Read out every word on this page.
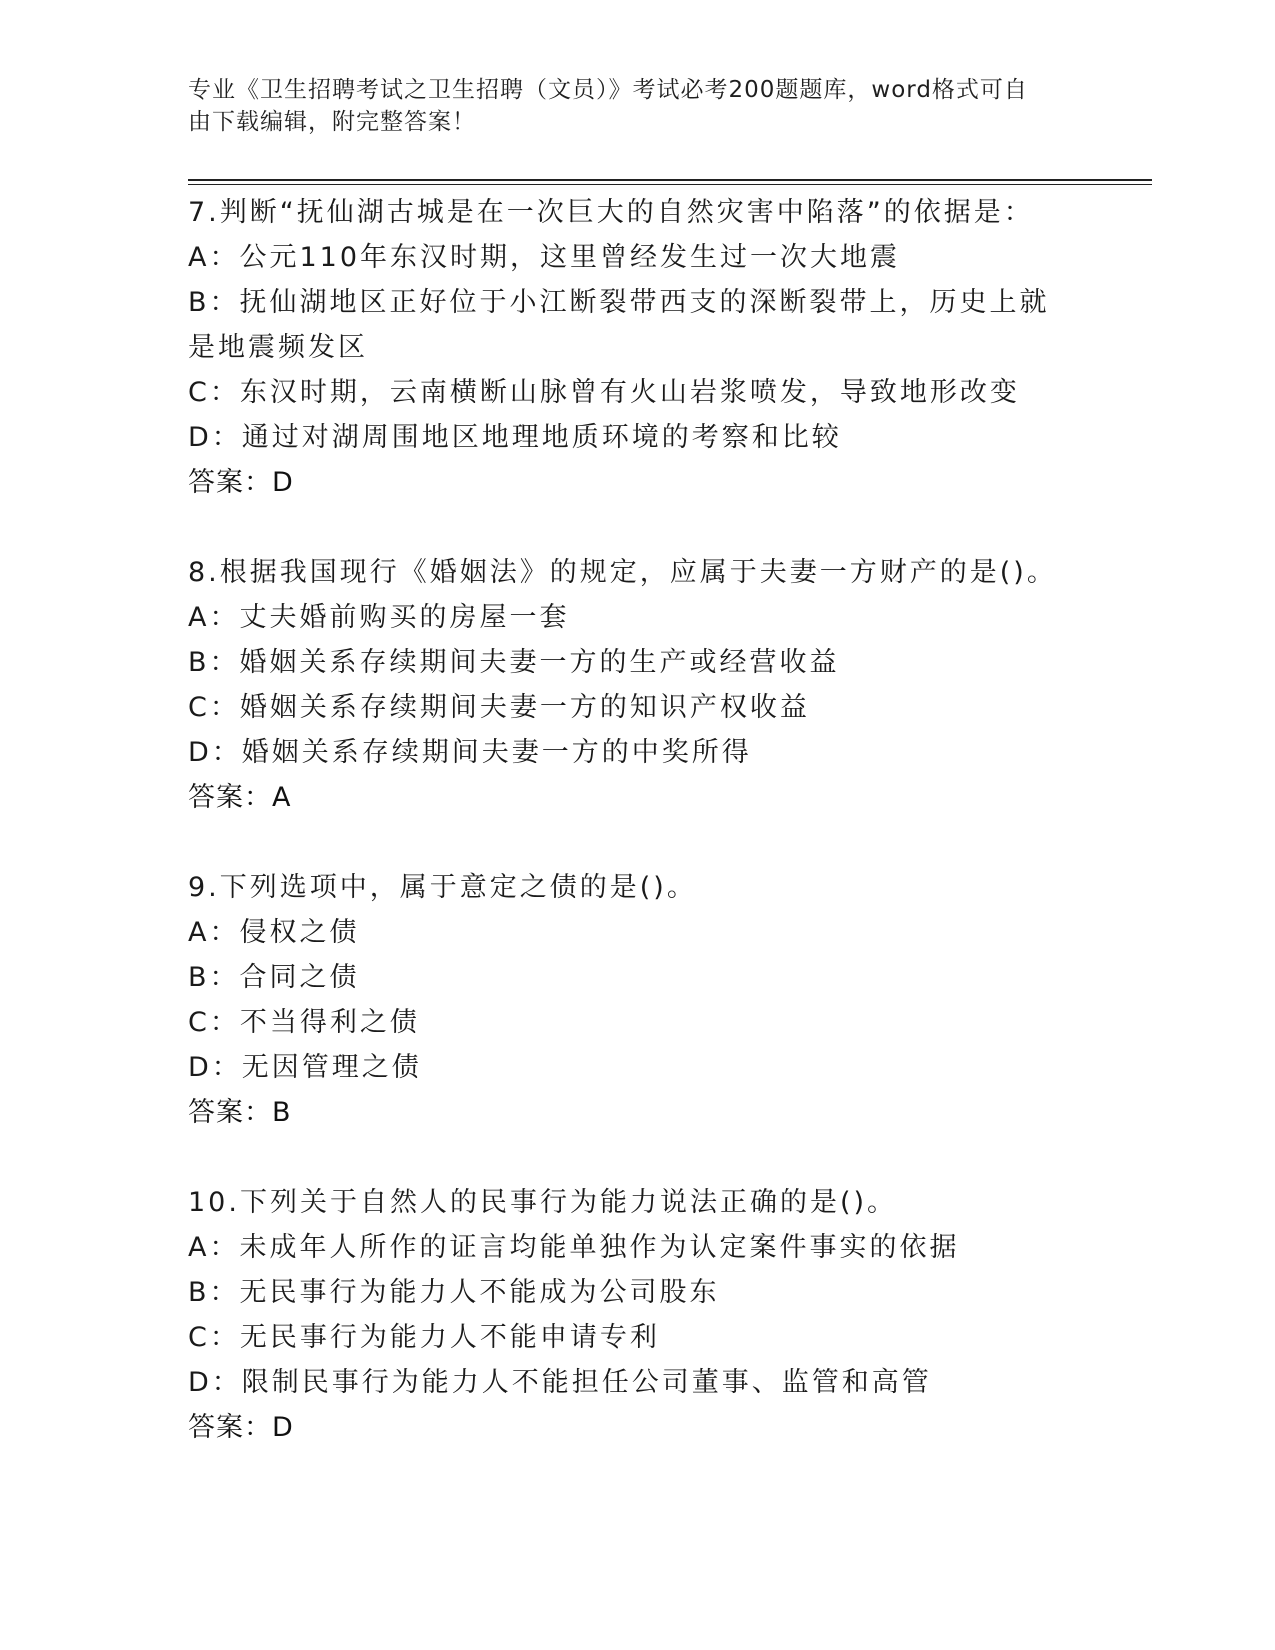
专业《卫生招聘考试之卫生招聘（文员）》考试必考200题题库，word格式可自
由下载编辑，附完整答案！
7.判断“抚仙湖古城是在一次巨大的自然灾害中陷落”的依据是：
A：公元110年东汉时期，这里曾经发生过一次大地震
B：抚仙湖地区正好位于小江断裂带西支的深断裂带上，历史上就是地震频发区
C：东汉时期，云南横断山脉曾有火山岩浆喷发，导致地形改变
D：通过对湖周围地区地理地质环境的考察和比较
答案：D
8.根据我国现行《婚姻法》的规定，应属于夫妻一方财产的是()。
A：丈夫婚前购买的房屋一套
B：婚姻关系存续期间夫妻一方的生产或经营收益
C：婚姻关系存续期间夫妻一方的知识产权收益
D：婚姻关系存续期间夫妻一方的中奖所得
答案：A
9.下列选项中，属于意定之债的是()。
A：侵权之债
B：合同之债
C：不当得利之债
D：无因管理之债
答案：B
10.下列关于自然人的民事行为能力说法正确的是()。
A：未成年人所作的证言均能单独作为认定案件事实的依据
B：无民事行为能力人不能成为公司股东
C：无民事行为能力人不能申请专利
D：限制民事行为能力人不能担任公司董事、监管和高管
答案：D
